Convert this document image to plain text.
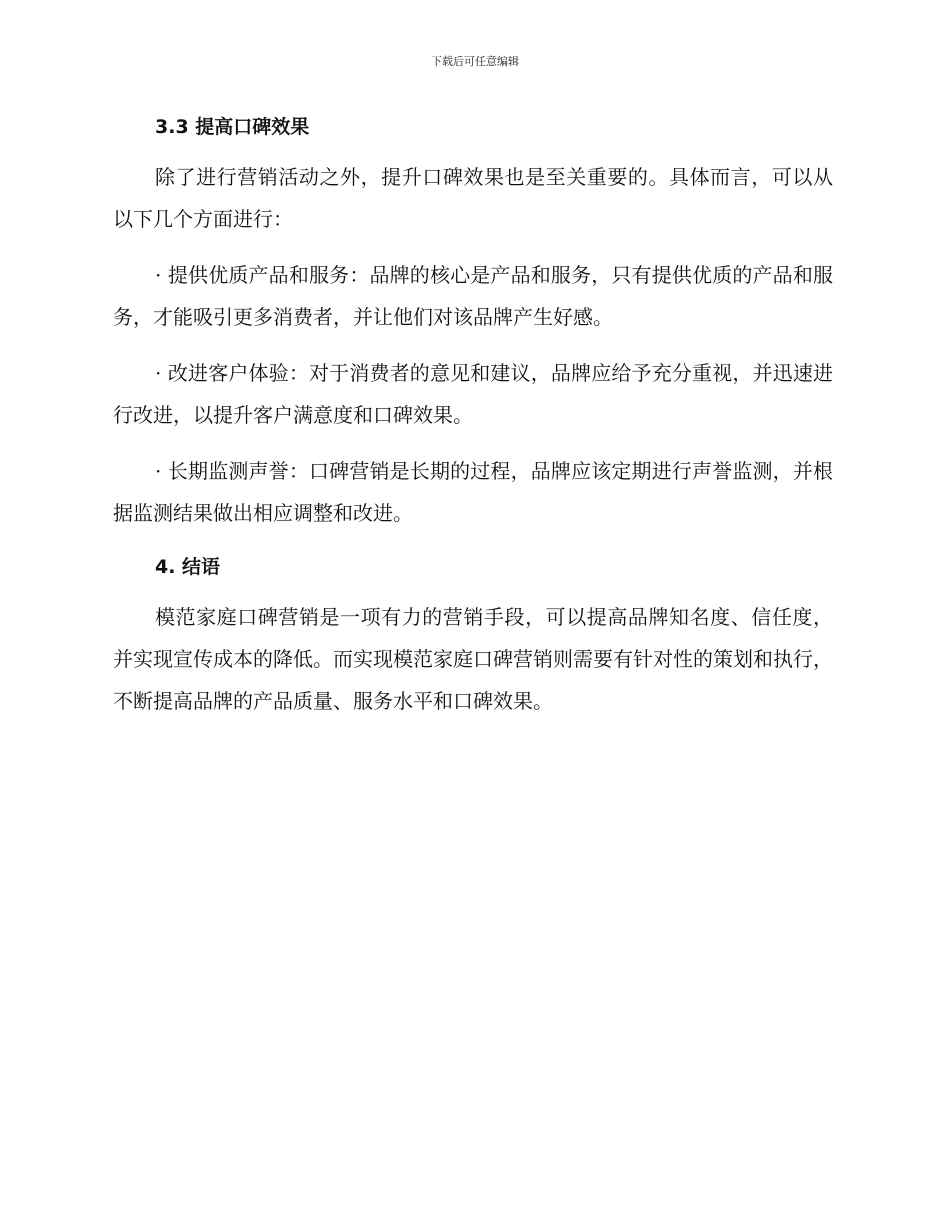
下载后可任意编辑
3.3 提高口碑效果

除了进行营销活动之外，提升口碑效果也是至关重要的。具体而言，可以从以下几个方面进行：

· 提供优质产品和服务：品牌的核心是产品和服务，只有提供优质的产品和服务，才能吸引更多消费者，并让他们对该品牌产生好感。

· 改进客户体验：对于消费者的意见和建议，品牌应给予充分重视，并迅速进行改进，以提升客户满意度和口碑效果。

· 长期监测声誉：口碑营销是长期的过程，品牌应该定期进行声誉监测，并根据监测结果做出相应调整和改进。

4. 结语

模范家庭口碑营销是一项有力的营销手段，可以提高品牌知名度、信任度，并实现宣传成本的降低。而实现模范家庭口碑营销则需要有针对性的策划和执行，不断提高品牌的产品质量、服务水平和口碑效果。
